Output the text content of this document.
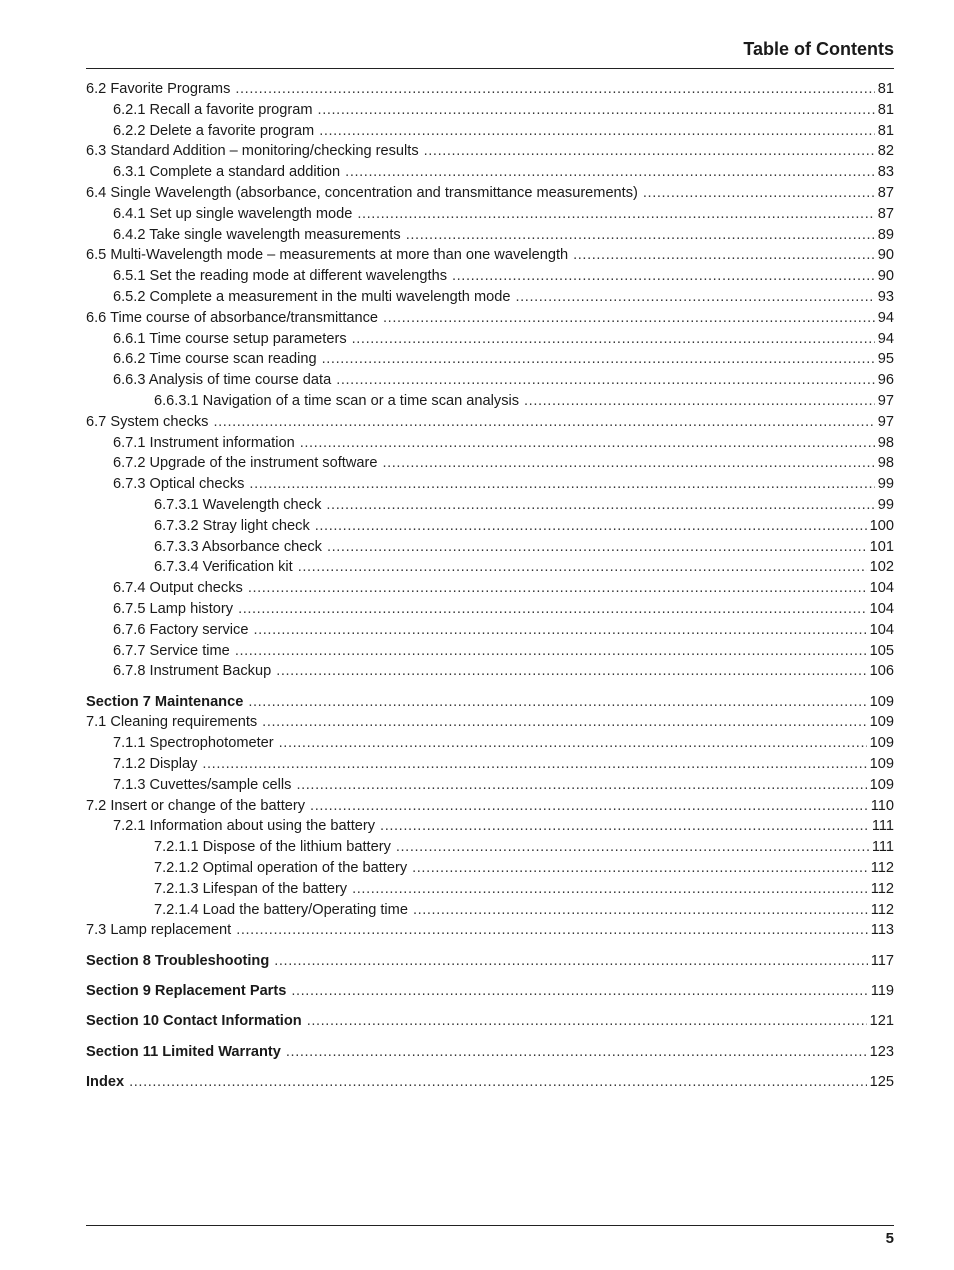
Table of Contents
6.2 Favorite Programs .....	81
6.2.1 Recall a favorite program .....	81
6.2.2 Delete a favorite program .....	81
6.3 Standard Addition – monitoring/checking results .....	82
6.3.1 Complete a standard addition .....	83
6.4 Single Wavelength (absorbance, concentration and transmittance measurements) .....	87
6.4.1 Set up single wavelength mode .....	87
6.4.2 Take single wavelength measurements .....	89
6.5 Multi-Wavelength mode – measurements at more than one wavelength .....	90
6.5.1 Set the reading mode at different wavelengths .....	90
6.5.2 Complete a measurement in the multi wavelength mode .....	93
6.6 Time course of absorbance/transmittance .....	94
6.6.1 Time course setup parameters .....	94
6.6.2 Time course scan reading .....	95
6.6.3 Analysis of time course data .....	96
6.6.3.1 Navigation of a time scan or a time scan analysis .....	97
6.7 System checks .....	97
6.7.1 Instrument information .....	98
6.7.2 Upgrade of the instrument software .....	98
6.7.3 Optical checks .....	99
6.7.3.1 Wavelength check .....	99
6.7.3.2 Stray light check .....	100
6.7.3.3 Absorbance check .....	101
6.7.3.4 Verification kit .....	102
6.7.4 Output checks .....	104
6.7.5 Lamp history .....	104
6.7.6 Factory service .....	104
6.7.7 Service time .....	105
6.7.8 Instrument Backup .....	106
Section 7 Maintenance .....	109
7.1 Cleaning requirements .....	109
7.1.1 Spectrophotometer .....	109
7.1.2 Display .....	109
7.1.3 Cuvettes/sample cells .....	109
7.2 Insert or change of the battery .....	110
7.2.1 Information about using the battery .....	111
7.2.1.1 Dispose of the lithium battery .....	111
7.2.1.2 Optimal operation of the battery .....	112
7.2.1.3 Lifespan of the battery .....	112
7.2.1.4 Load the battery/Operating time .....	112
7.3 Lamp replacement .....	113
Section 8 Troubleshooting .....	117
Section 9 Replacement Parts .....	119
Section 10 Contact Information .....	121
Section 11 Limited Warranty .....	123
Index .....	125
5
